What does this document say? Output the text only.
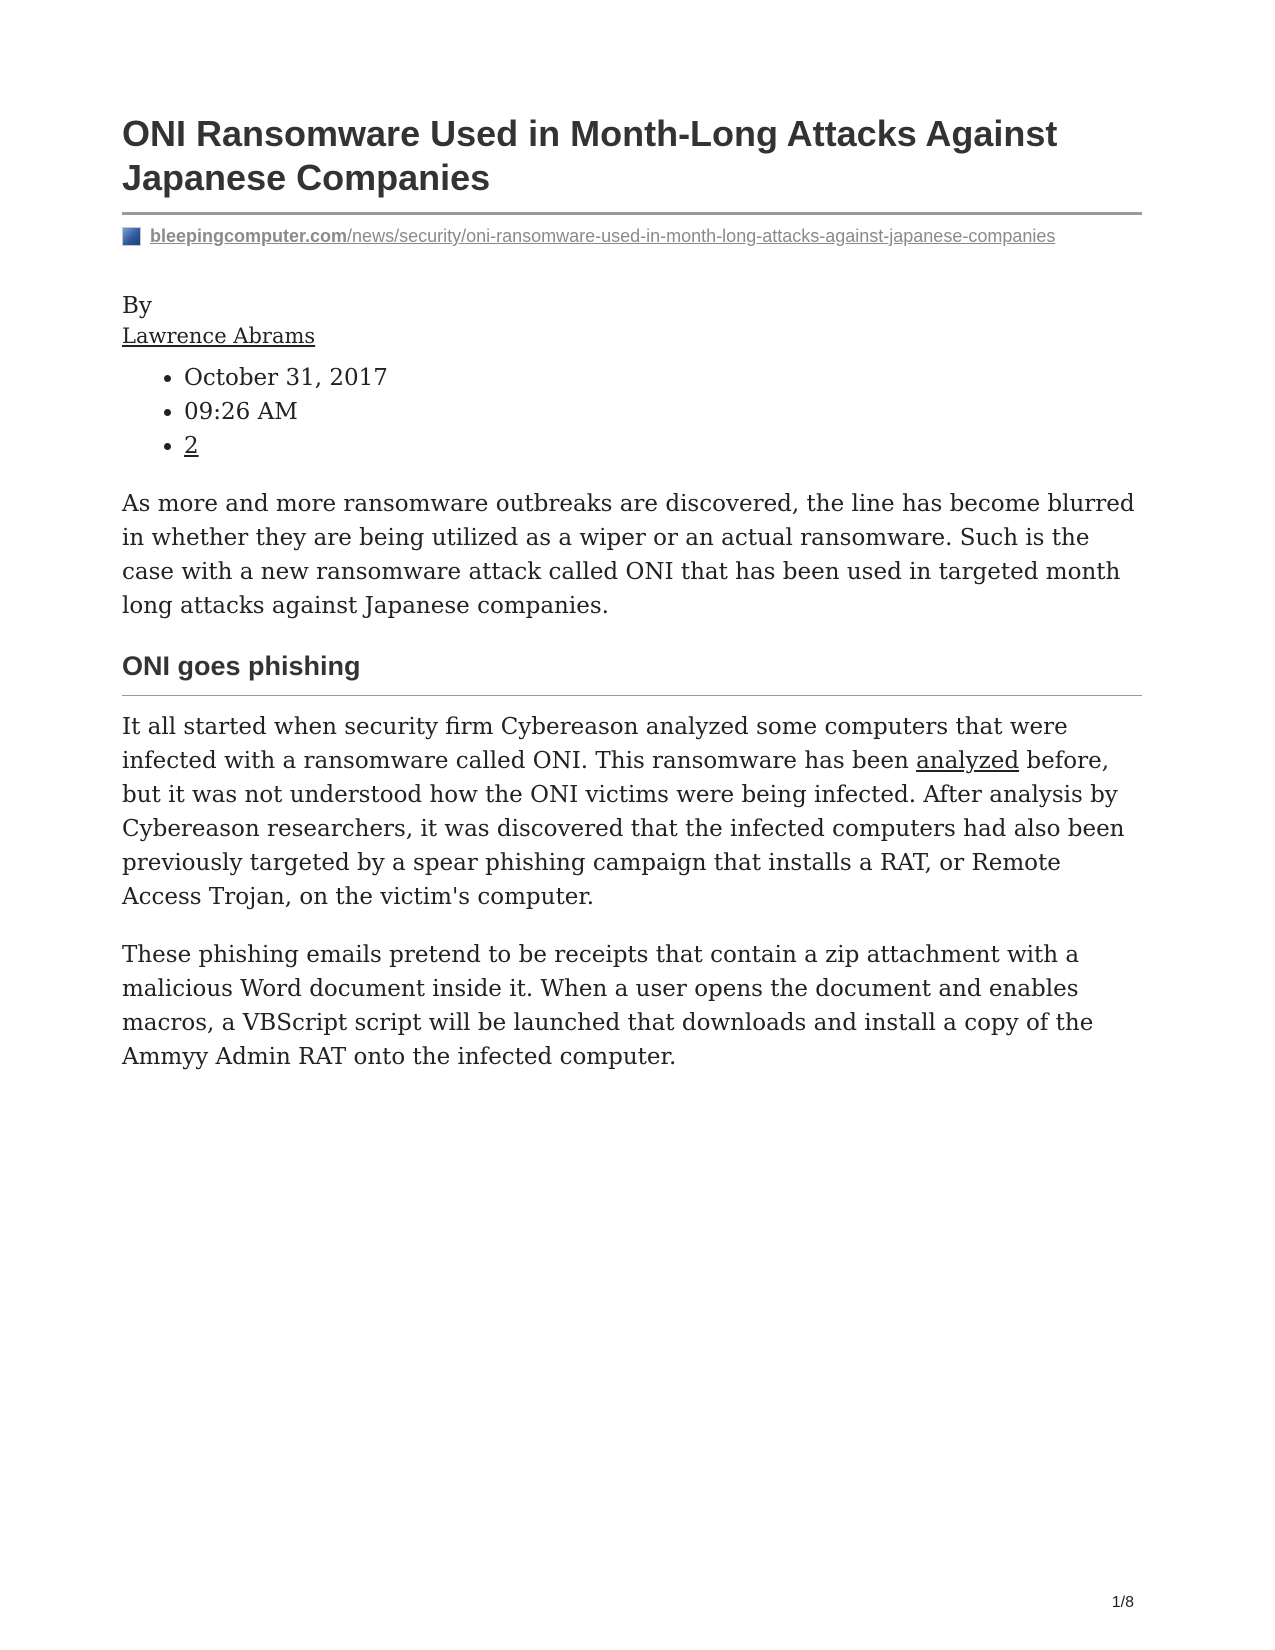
ONI Ransomware Used in Month-Long Attacks Against Japanese Companies
bleepingcomputer.com/news/security/oni-ransomware-used-in-month-long-attacks-against-japanese-companies
By
Lawrence Abrams
• October 31, 2017
• 09:26 AM
• 2

As more and more ransomware outbreaks are discovered, the line has become blurred in whether they are being utilized as a wiper or an actual ransomware. Such is the case with a new ransomware attack called ONI that has been used in targeted month long attacks against Japanese companies.

ONI goes phishing

It all started when security firm Cybereason analyzed some computers that were infected with a ransomware called ONI. This ransomware has been analyzed before, but it was not understood how the ONI victims were being infected. After analysis by Cybereason researchers, it was discovered that the infected computers had also been previously targeted by a spear phishing campaign that installs a RAT, or Remote Access Trojan, on the victim's computer.

These phishing emails pretend to be receipts that contain a zip attachment with a malicious Word document inside it. When a user opens the document and enables macros, a VBScript script will be launched that downloads and install a copy of the Ammyy Admin RAT onto the infected computer.

1/8
